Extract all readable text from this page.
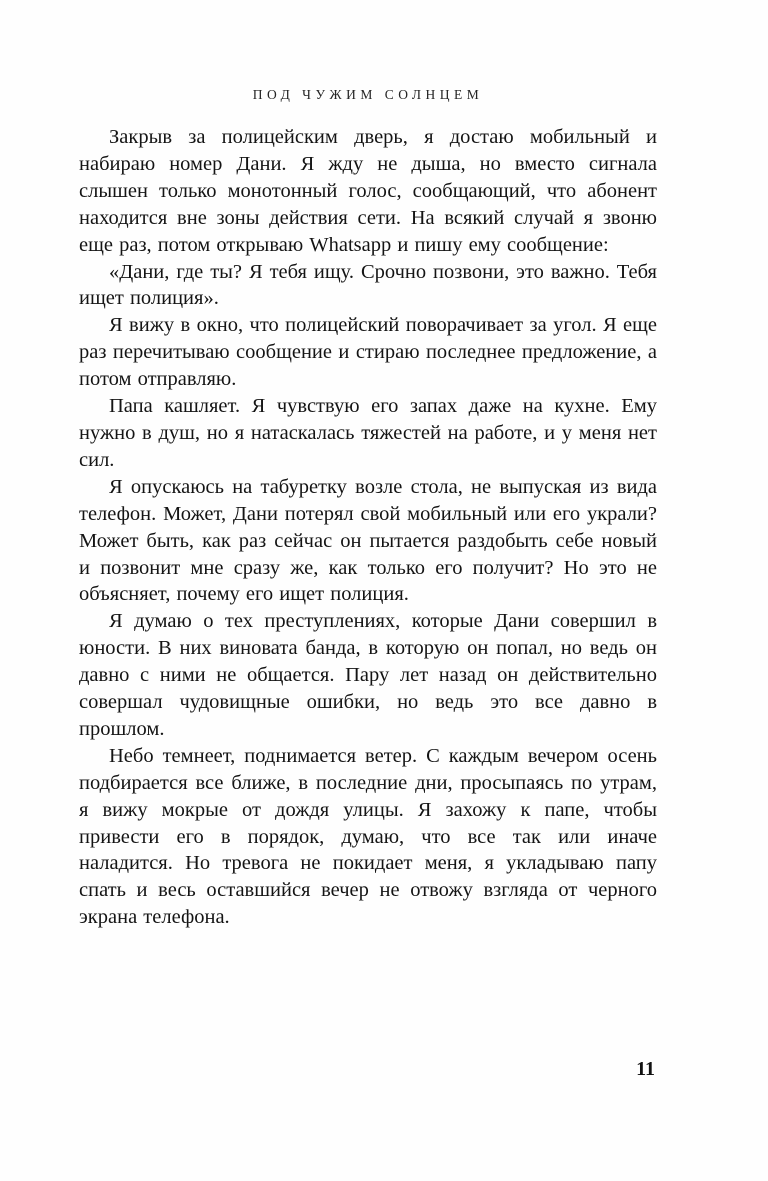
ПОД ЧУЖИМ СОЛНЦЕМ

Закрыв за полицейским дверь, я достаю мобильный и набираю номер Дани. Я жду не дыша, но вместо сигнала слышен только монотонный голос, сообщающий, что абонент находится вне зоны действия сети. На всякий случай я звоню еще раз, потом открываю Whatsapp и пишу ему сообщение:

«Дани, где ты? Я тебя ищу. Срочно позвони, это важно. Тебя ищет полиция».

Я вижу в окно, что полицейский поворачивает за угол. Я еще раз перечитываю сообщение и стираю последнее предложение, а потом отправляю.

Папа кашляет. Я чувствую его запах даже на кухне. Ему нужно в душ, но я натаскалась тяжестей на работе, и у меня нет сил.

Я опускаюсь на табуретку возле стола, не выпуская из вида телефон. Может, Дани потерял свой мобильный или его украли? Может быть, как раз сейчас он пытается раздобыть себе новый и позвонит мне сразу же, как только его получит? Но это не объясняет, почему его ищет полиция.

Я думаю о тех преступлениях, которые Дани совершил в юности. В них виновата банда, в которую он попал, но ведь он давно с ними не общается. Пару лет назад он действительно совершал чудовищные ошибки, но ведь это все давно в прошлом.

Небо темнеет, поднимается ветер. С каждым вечером осень подбирается все ближе, в последние дни, просыпаясь по утрам, я вижу мокрые от дождя улицы. Я захожу к папе, чтобы привести его в порядок, думаю, что все так или иначе наладится. Но тревога не покидает меня, я укладываю папу спать и весь оставшийся вечер не отвожу взгляда от черного экрана телефона.

11
